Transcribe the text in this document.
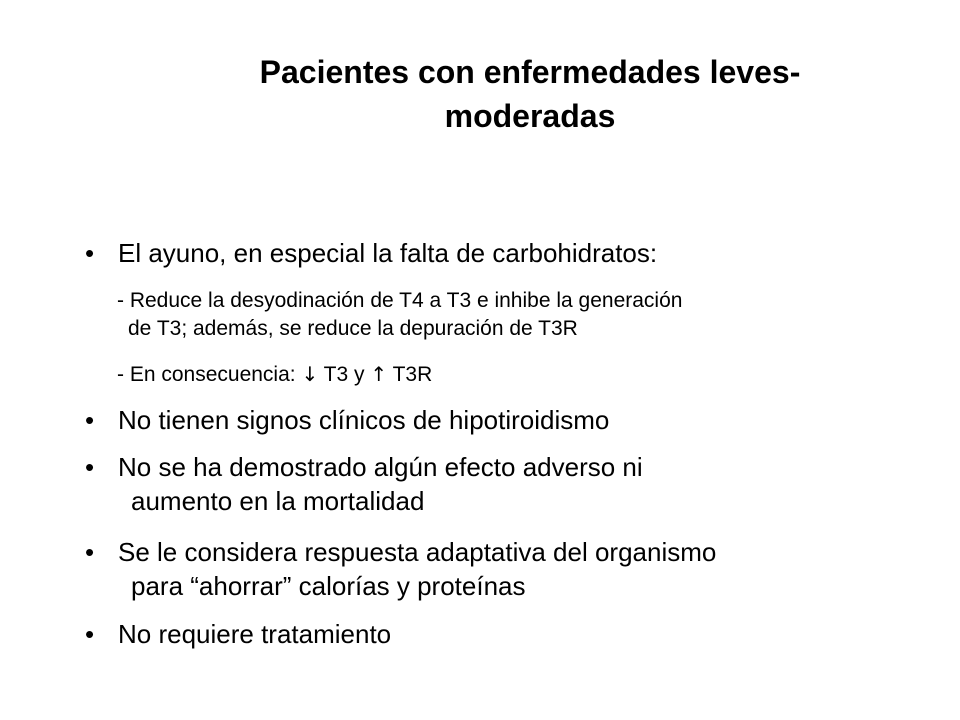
Pacientes con enfermedades leves-
moderadas
• El ayuno, en especial la falta de carbohidratos:
- Reduce la desyodinación de T4 a T3 e inhibe la generación
de T3; además, se reduce la depuración de T3R
- En consecuencia: ↓ T3 y ↑ T3R
• No tienen signos clínicos de hipotiroidismo
• No se ha demostrado algún efecto adverso ni
aumento en la mortalidad
• Se le considera respuesta adaptativa del organismo
para “ahorrar” calorías y proteínas
• No requiere tratamiento
